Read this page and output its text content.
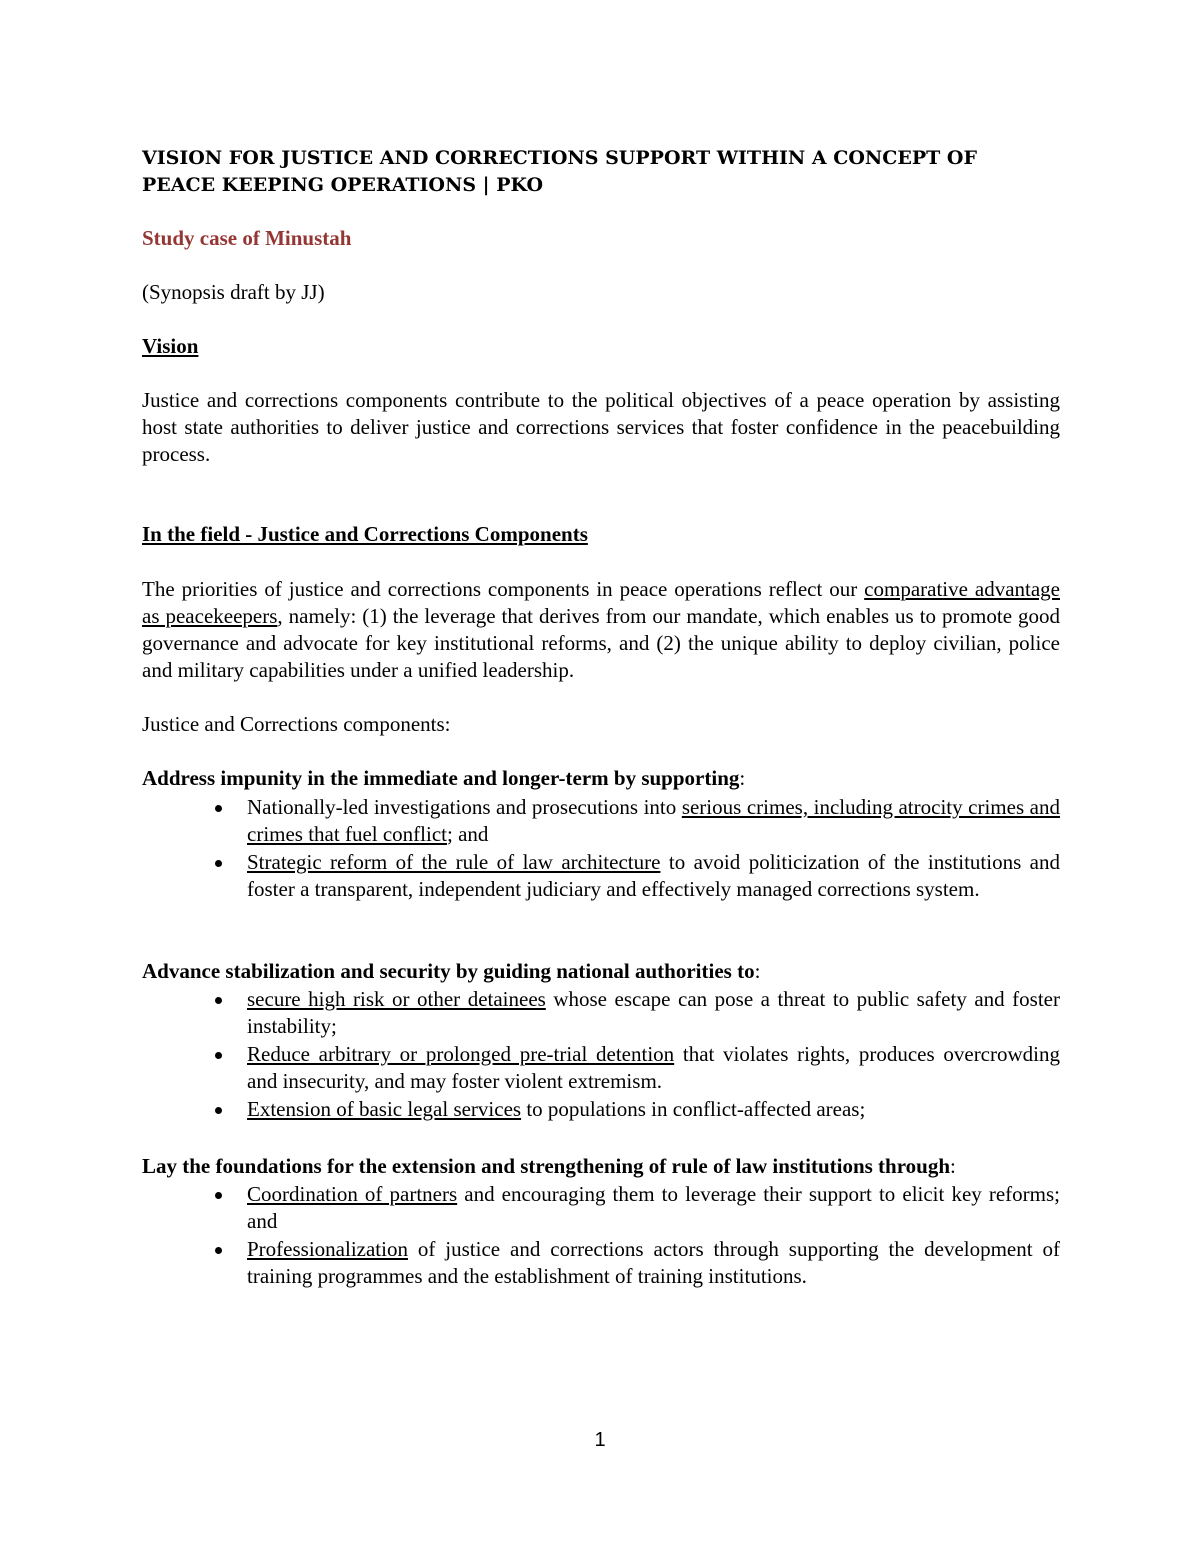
VISION FOR JUSTICE AND CORRECTIONS SUPPORT WITHIN A CONCEPT OF
PEACE KEEPING OPERATIONS | PKO
Study case of Minustah
(Synopsis draft by JJ)
Vision

Justice and corrections components contribute to the political objectives of a peace operation by assisting host state authorities to deliver justice and corrections services that foster confidence in the peacebuilding process.

In the field - Justice and Corrections Components

The priorities of justice and corrections components in peace operations reflect our comparative advantage as peacekeepers, namely: (1) the leverage that derives from our mandate, which enables us to promote good governance and advocate for key institutional reforms, and (2) the unique ability to deploy civilian, police and military capabilities under a unified leadership.

Justice and Corrections components:
Address impunity in the immediate and longer-term by supporting:
Nationally-led investigations and prosecutions into serious crimes, including atrocity crimes and crimes that fuel conflict; and
Strategic reform of the rule of law architecture to avoid politicization of the institutions and foster a transparent, independent judiciary and effectively managed corrections system.
Advance stabilization and security by guiding national authorities to:
secure high risk or other detainees whose escape can pose a threat to public safety and foster instability;
Reduce arbitrary or prolonged pre-trial detention that violates rights, produces overcrowding and insecurity, and may foster violent extremism.
Extension of basic legal services to populations in conflict-affected areas;
Lay the foundations for the extension and strengthening of rule of law institutions through:
Coordination of partners and encouraging them to leverage their support to elicit key reforms; and
Professionalization of justice and corrections actors through supporting the development of training programmes and the establishment of training institutions.
1
